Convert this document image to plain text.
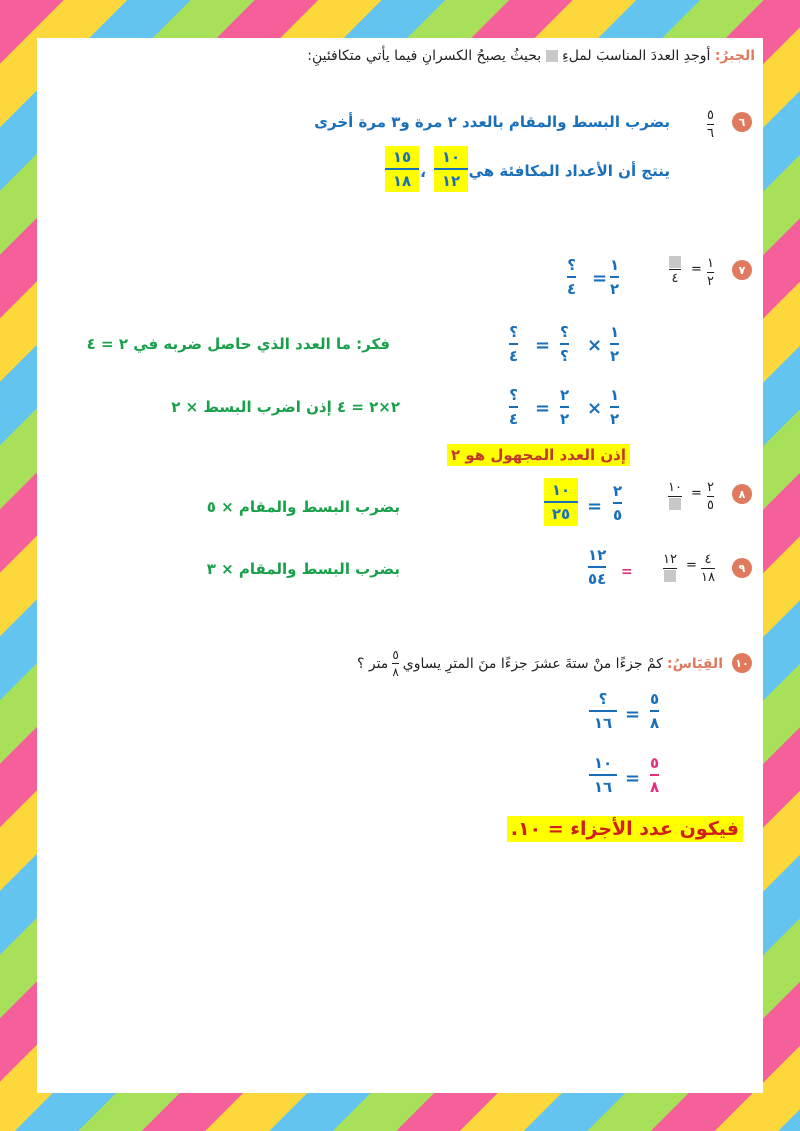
الجبرُ: أوجدِ العددَ المناسبَ لملءِ  بحيثُ يصبحُ الكسرانِ فيما يأتي متكافئينِ:
٦
٥
٦
بضرب البسط والمقام بالعدد ٢ مرة و٣ مرة أخرى
ينتج أن الأعداد المكافئة هي
١٠
١٢
،
١٥
١٨
٧
١
٢
=
٤
١
٢
=
؟
٤
١
٢
×
؟
؟
=
؟
٤
فكر: ما العدد الذي حاصل ضربه في ٢ = ٤
١
٢
×
٢
٢
=
؟
٤
٢×٢ = ٤ إذن اضرب البسط × ٢
إذن العدد المجهول هو ٢
٨
٢
٥
=
١٠
٢
٥
=
١٠
٢٥
بضرب البسط والمقام × ٥
٩
٤
١٨
=
١٢
=
١٢
٥٤
بضرب البسط والمقام × ٣
١٠
القِيَاسُ:
كمْ جزءًا منْ ستةَ عشرَ جزءًا منَ المترِ يساوي
$\frac{٥}{٨}$
متر ؟
٥
٨
=
؟
١٦
٥
٨
=
١٠
١٦
فيكون عدد الأجزاء = ١٠.
